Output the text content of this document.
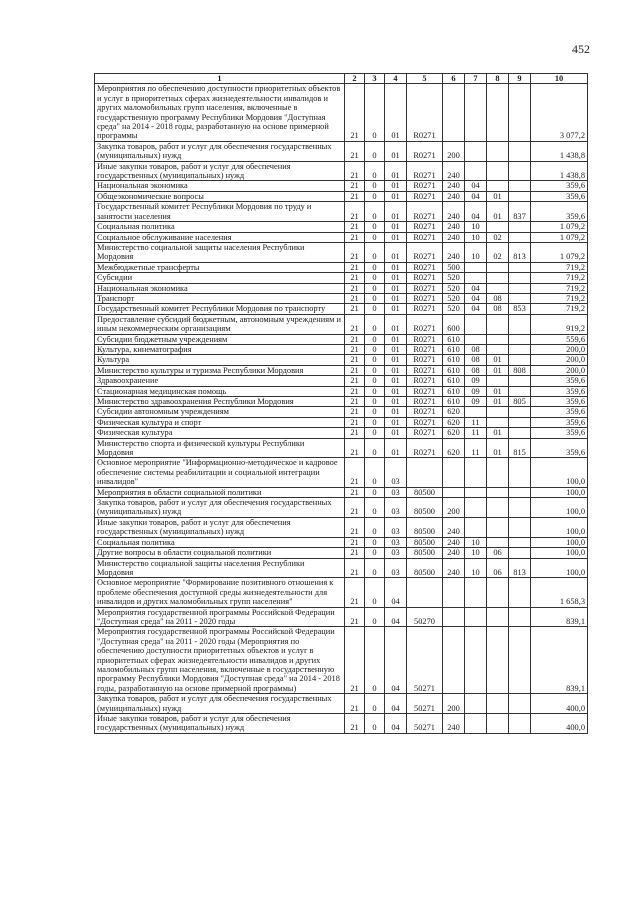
452
1	2	3	4	5	6	7	8	9	10
Мероприятия по обеспечению доступности приоритетных объектов и услуг в приоритетных сферах жизнедеятельности инвалидов и других маломобильных групп населения, включенные в государственную программу Республики Мордовия "Доступная среда" на 2014 - 2018 годы, разработанную на основе примерной программы	21	0	01	R0271					3 077,2
Закупка товаров, работ и услуг для обеспечения государственных (муниципальных) нужд	21	0	01	R0271	200				1 438,8
Иные закупки товаров, работ и услуг для обеспечения государственных (муниципальных) нужд	21	0	01	R0271	240				1 438,8
Национальная экономика	21	0	01	R0271	240	04			359,6
Общеэкономические вопросы	21	0	01	R0271	240	04	01		359,6
Государственный комитет Республики Мордовия по труду и занятости населения	21	0	01	R0271	240	04	01	837	359,6
Социальная политика	21	0	01	R0271	240	10			1 079,2
Социальное обслуживание населения	21	0	01	R0271	240	10	02		1 079,2
Министерство социальной защиты населения Республики Мордовия	21	0	01	R0271	240	10	02	813	1 079,2
Межбюджетные трансферты	21	0	01	R0271	500				719,2
Субсидии	21	0	01	R0271	520				719,2
Национальная экономика	21	0	01	R0271	520	04			719,2
Транспорт	21	0	01	R0271	520	04	08		719,2
Государственный комитет Республики Мордовия по транспорту	21	0	01	R0271	520	04	08	853	719,2
Предоставление субсидий бюджетным, автономным учреждениям и иным некоммерческим организациям	21	0	01	R0271	600				919,2
Субсидии бюджетным учреждениям	21	0	01	R0271	610				559,6
Культура, кинематография	21	0	01	R0271	610	08			200,0
Культура	21	0	01	R0271	610	08	01		200,0
Министерство культуры и туризма Республики Мордовия	21	0	01	R0271	610	08	01	808	200,0
Здравоохранение	21	0	01	R0271	610	09			359,6
Стационарная медицинская помощь	21	0	01	R0271	610	09	01		359,6
Министерство здравоохранения Республики Мордовия	21	0	01	R0271	610	09	01	805	359,6
Субсидии автономным учреждениям	21	0	01	R0271	620				359,6
Физическая культура и спорт	21	0	01	R0271	620	11			359,6
Физическая культура	21	0	01	R0271	620	11	01		359,6
Министерство спорта и физической культуры Республики Мордовия	21	0	01	R0271	620	11	01	815	359,6
Основное мероприятие "Информационно-методическое и кадровое обеспечение системы реабилитации и социальной интеграции инвалидов"	21	0	03						100,0
Мероприятия в области социальной политики	21	0	03	80500					100,0
Закупка товаров, работ и услуг для обеспечения государственных (муниципальных) нужд	21	0	03	80500	200				100,0
Иные закупки товаров, работ и услуг для обеспечения государственных (муниципальных) нужд	21	0	03	80500	240				100,0
Социальная политика	21	0	03	80500	240	10			100,0
Другие вопросы в области социальной политики	21	0	03	80500	240	10	06		100,0
Министерство социальной защиты населения Республики Мордовия	21	0	03	80500	240	10	06	813	100,0
Основное мероприятие "Формирование позитивного отношения к проблеме обеспечения доступной среды жизнедеятельности для инвалидов и других маломобильных групп населения"	21	0	04						1 658,3
Мероприятия государственной программы Российской Федерации "Доступная среда" на 2011 - 2020 годы	21	0	04	50270					839,1
Мероприятия государственной программы Российской Федерации "Доступная среда" на 2011 - 2020 годы (Мероприятия по обеспечению доступности приоритетных объектов и услуг в приоритетных сферах жизнедеятельности инвалидов и других маломобильных групп населения, включенные в государственную программу Республики Мордовия "Доступная среда" на 2014 - 2018 годы, разработанную на основе примерной программы)	21	0	04	50271					839,1
Закупка товаров, работ и услуг для обеспечения государственных (муниципальных) нужд	21	0	04	50271	200				400,0
Иные закупки товаров, работ и услуг для обеспечения государственных (муниципальных) нужд	21	0	04	50271	240				400,0
